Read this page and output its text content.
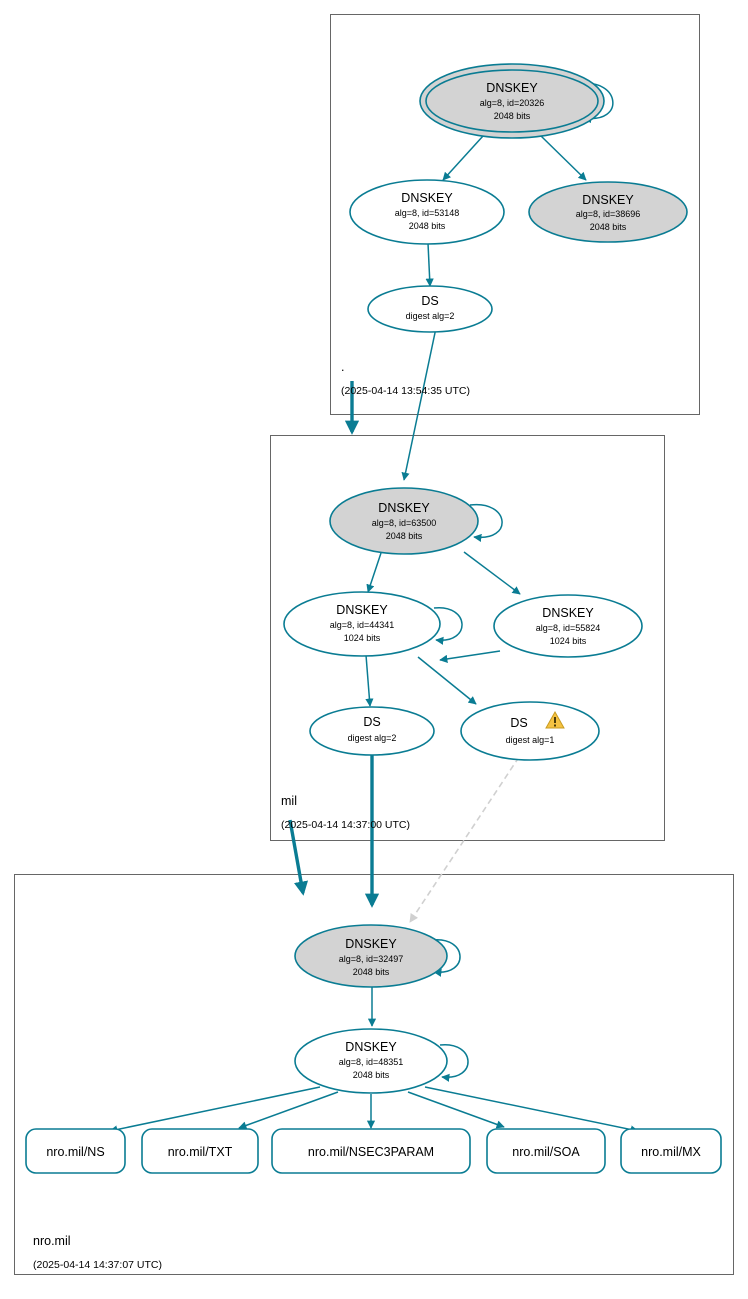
DNSKEY
alg=8, id=20326
2048 bits
DNSKEY
alg=8, id=53148
2048 bits
DNSKEY
alg=8, id=38696
2048 bits
DS
digest alg=2
.
(2025-04-14 13:54:35 UTC)
DNSKEY
alg=8, id=63500
2048 bits
DNSKEY
alg=8, id=44341
1024 bits
DNSKEY
alg=8, id=55824
1024 bits
DS
digest alg=2
DS
digest alg=1
mil
(2025-04-14 14:37:00 UTC)
DNSKEY
alg=8, id=32497
2048 bits
DNSKEY
alg=8, id=48351
2048 bits
nro.mil/NS	nro.mil/TXT	nro.mil/NSEC3PARAM	nro.mil/SOA	nro.mil/MX
nro.mil
(2025-04-14 14:37:07 UTC)
